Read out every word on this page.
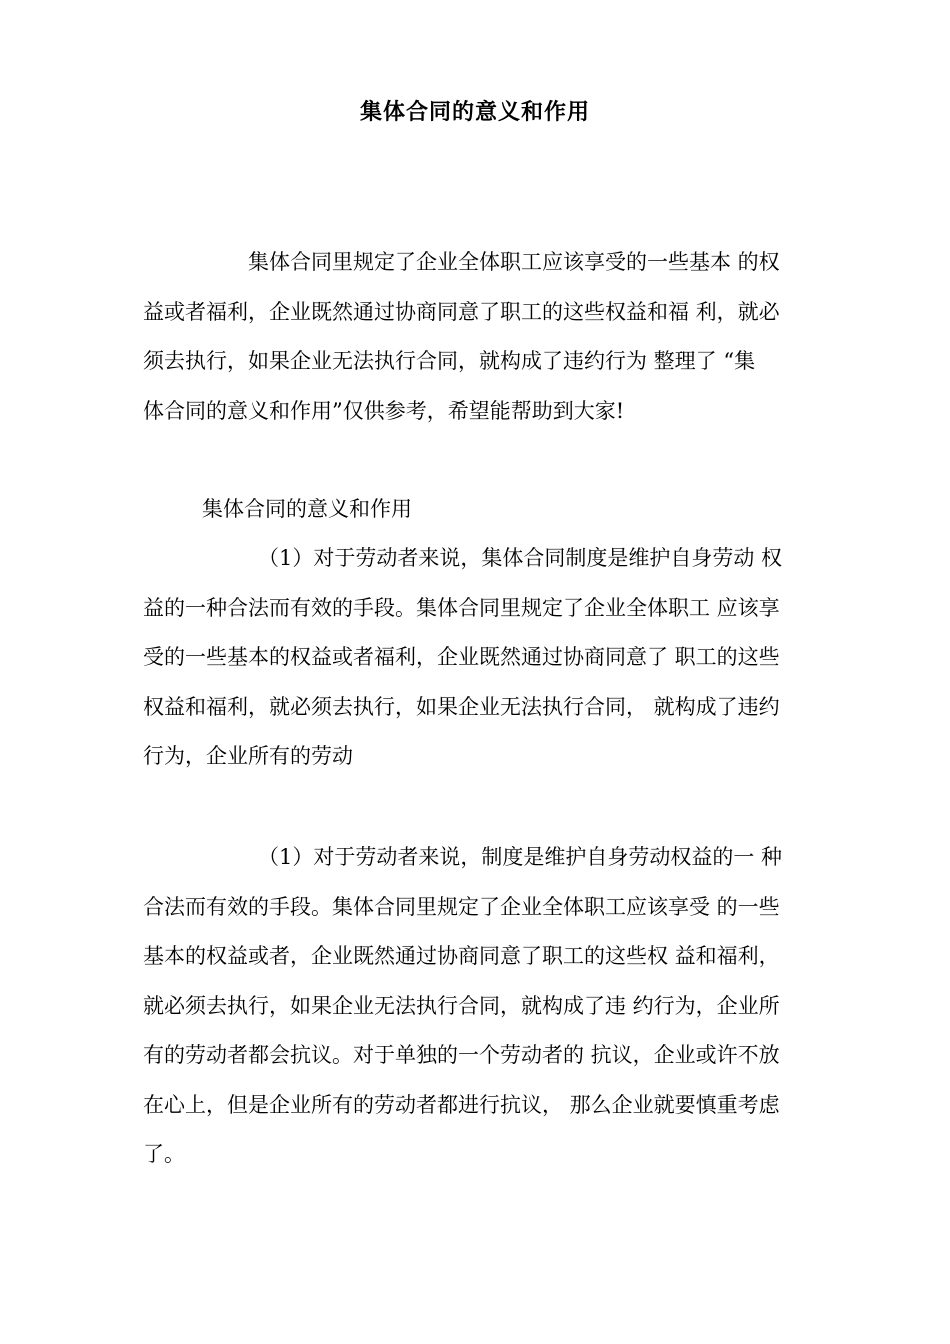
集体合同的意义和作用
集体合同里规定了企业全体职工应该享受的一些基本 的权
益或者福利，企业既然通过协商同意了职工的这些权益和福 利，就必
须去执行，如果企业无法执行合同，就构成了违约行为 整理了 “集
体合同的意义和作用”仅供参考，希望能帮助到大家!

集体合同的意义和作用

（1）对于劳动者来说，集体合同制度是维护自身劳动 权
益的一种合法而有效的手段。集体合同里规定了企业全体职工 应该享
受的一些基本的权益或者福利，企业既然通过协商同意了 职工的这些
权益和福利，就必须去执行，如果企业无法执行合同， 就构成了违约
行为，企业所有的劳动
（1）对于劳动者来说，制度是维护自身劳动权益的一 种
合法而有效的手段。集体合同里规定了企业全体职工应该享受 的一些
基本的权益或者，企业既然通过协商同意了职工的这些权 益和福利，
就必须去执行，如果企业无法执行合同，就构成了违 约行为，企业所
有的劳动者都会抗议。对于单独的一个劳动者的 抗议，企业或许不放
在心上，但是企业所有的劳动者都进行抗议， 那么企业就要慎重考虑
了。
